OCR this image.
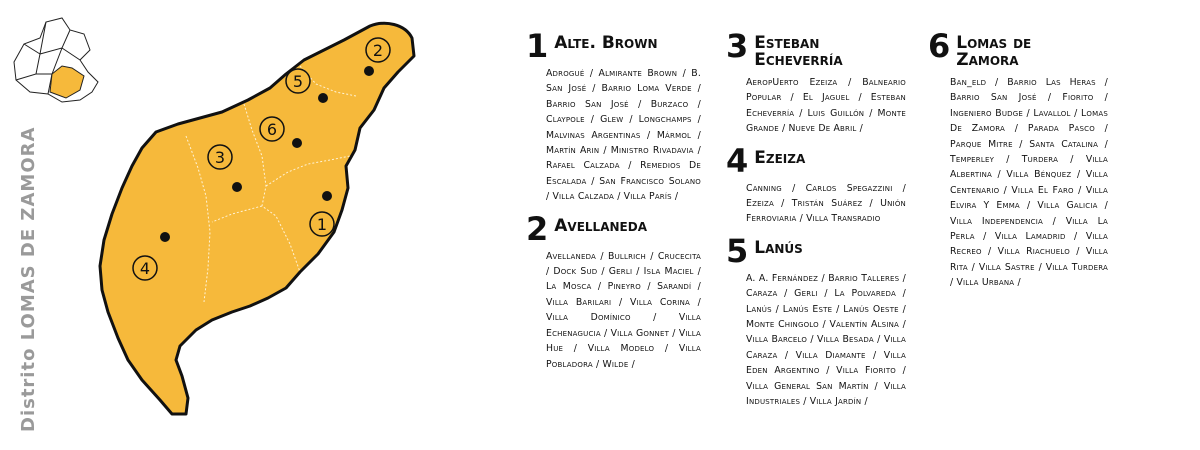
Distrito LOMAS DE ZAMORA
2
5
6
3
1
4
1 Alte. Brown
Adrogué / Almirante Brown / B. San José / Barrio Loma Verde / Barrio San José / Burzaco / Claypole / Glew / Longchamps / Malvinas Argentinas / Mármol / Martín Arin / Ministro Rivadavia / Rafael Calzada / Remedios De Escalada / San Francisco Solano / Villa Calzada / Villa París /
2 Avellaneda
Avellaneda / Bullrich / Crucecita / Dock Sud / Gerli / Isla Maciel / La Mosca / Pineyro / Sarandí / Villa Barilari / Villa Corina / Villa Domínico / Villa Echenagucia / Villa Gonnet / Villa Hue / Villa Modelo / Villa Pobladora / Wilde /
3 Esteban Echeverría
AeropUerto Ezeiza / Balneario Popular / El Jaguel / Esteban Echeverría / Luis Guillón / Monte Grande / Nueve De Abril /
4 Ezeiza
Canning / Carlos Spegazzini / Ezeiza / Tristán Suárez / Unión Ferroviaria / Villa Transradio
5 Lanús
A. A. Fernández / Barrio Talleres / Caraza / Gerli / La Polvareda / Lanús / Lanús Este / Lanús Oeste / Monte Chingolo / Valentín Alsina / Villa Barcelo / Villa Besada / Villa Caraza / Villa Diamante / Villa Eden Argentino / Villa Fiorito / Villa General San Martín / Villa Industriales / Villa Jardín /
6 Lomas de Zamora
Ban_eld / Barrio Las Heras / Barrio San José / Fiorito / Ingeniero Budge / Lavallol / Lomas De Zamora / Parada Pasco / Parque Mitre / Santa Catalina / Temperley / Turdera / Villa Albertina / Villa Bénquez / Villa Centenario / Villa El Faro / Villa Elvira Y Emma / Villa Galicia / Villa Independencia / Villa La Perla / Villa Lamadrid / Villa Recreo / Villa Riachuelo / Villa Rita / Villa Sastre / Villa Turdera / Villa Urbana /
